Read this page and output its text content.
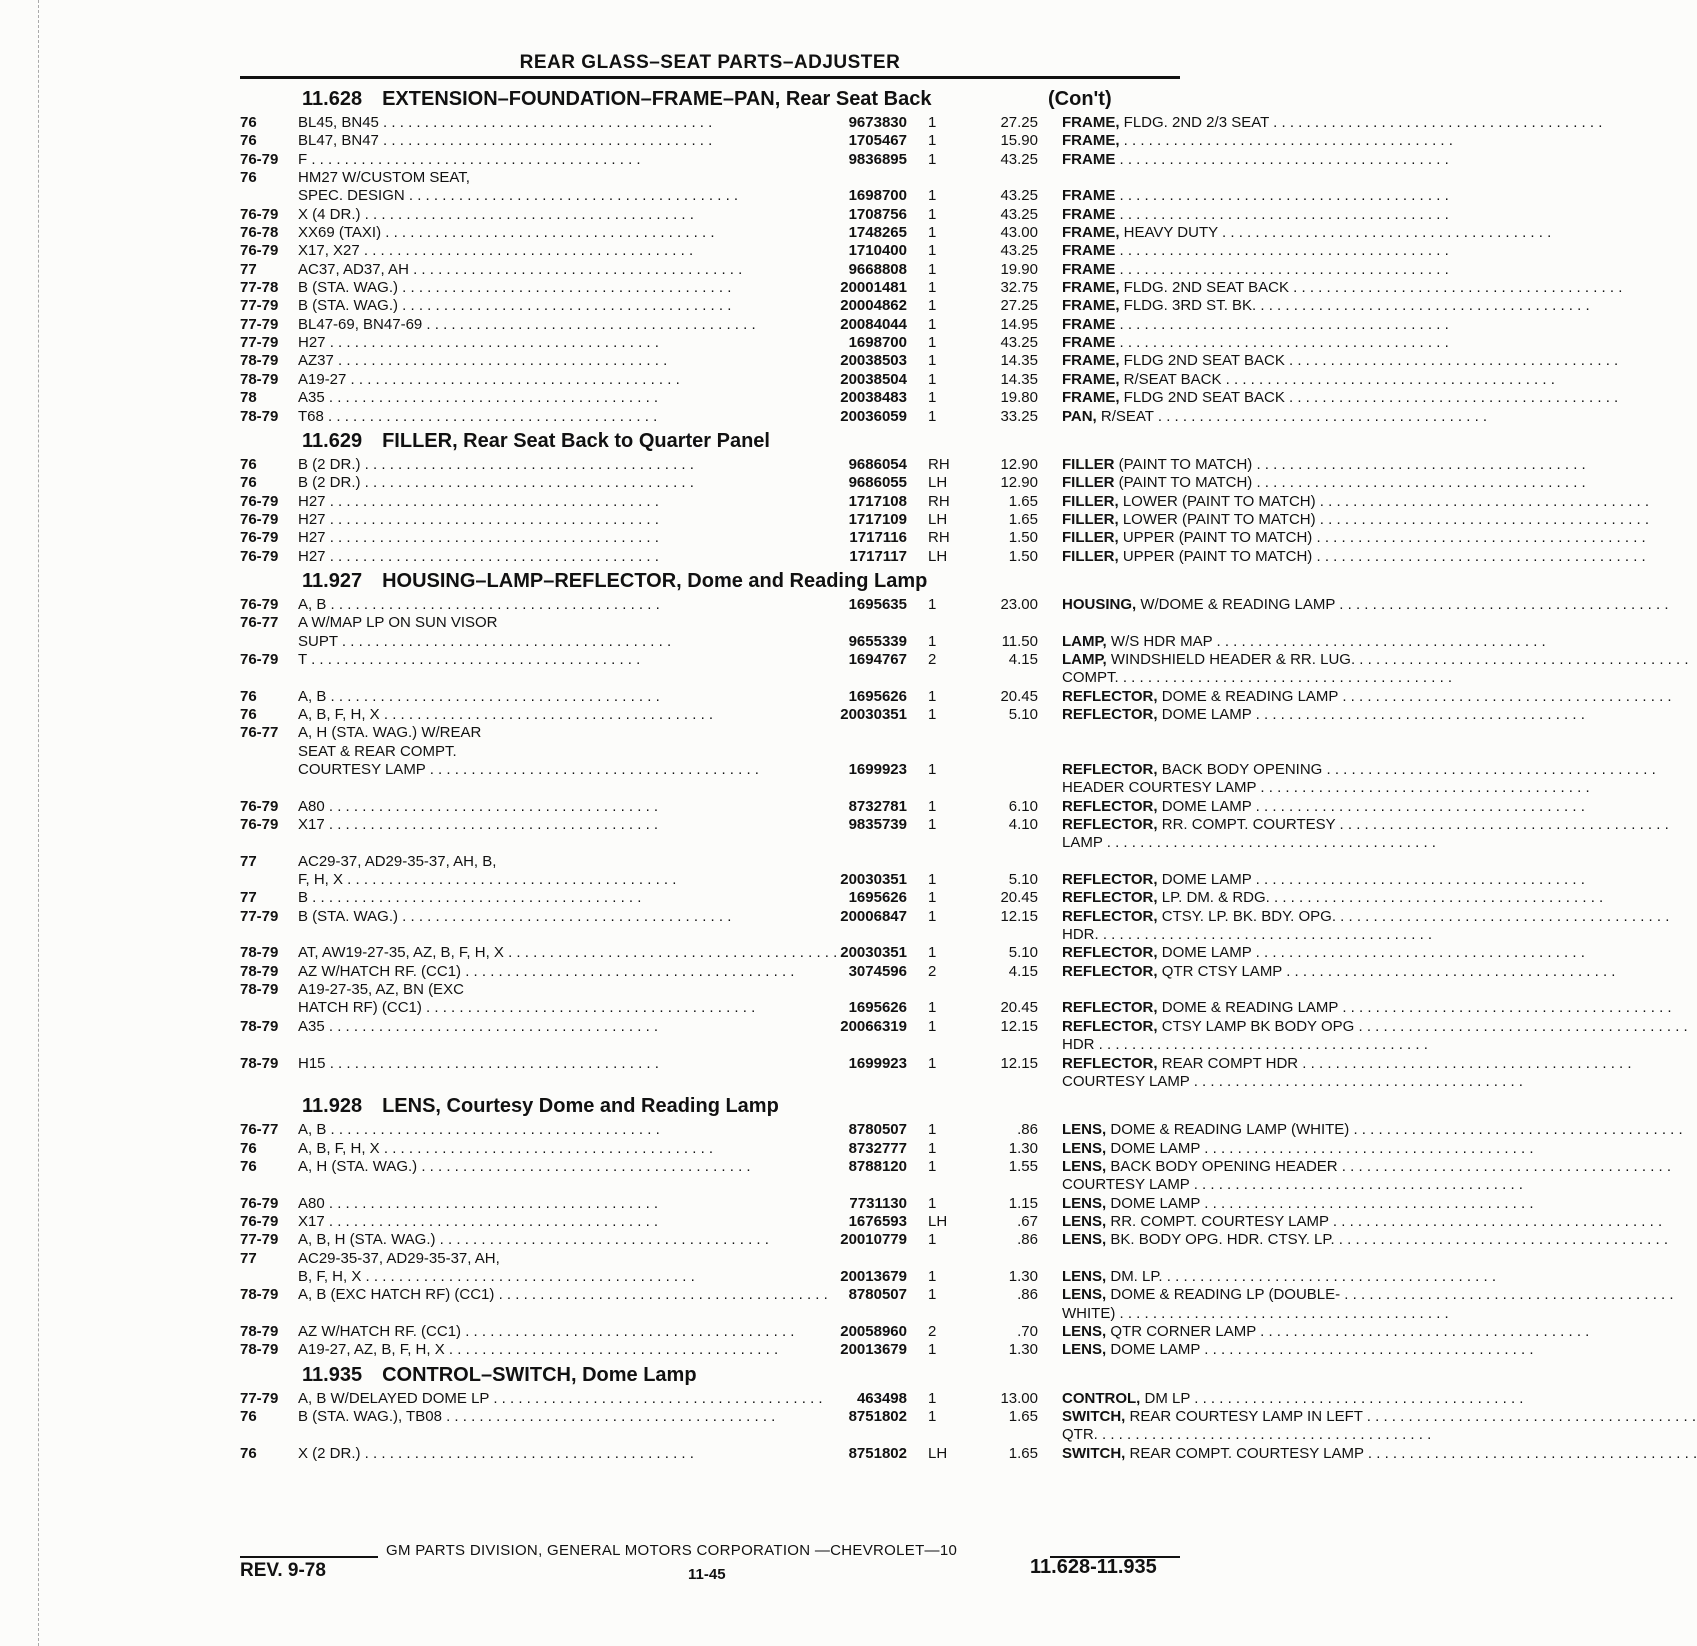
REAR GLASS–SEAT PARTS–ADJUSTER
11.628 EXTENSION–FOUNDATION–FRAME–PAN, Rear Seat Back	(Con't)
76	BL45, BN45 . . .	9673830 1	27.25 FRAME, FLDG. 2ND 2/3 SEAT . . .
76	BL47, BN47 . . .	1705467 1	15.90 FRAME, . . .
76-79 F . . .	9836895 1	43.25 FRAME . . .
76	HM27 W/CUSTOM SEAT,
SPEC. DESIGN . . .	1698700 1	43.25 FRAME . . .
76-79 X (4 DR.) . . .	1708756 1	43.25 FRAME . . .
76-78 XX69 (TAXI) . . .	1748265 1	43.00 FRAME, HEAVY DUTY . . .
76-79 X17, X27 . . .	1710400 1	43.25 FRAME . . .
77	AC37, AD37, AH . . .	9668808 1	19.90 FRAME . . .
77-78 B (STA. WAG.) . . .	20001481 1	32.75 FRAME, FLDG. 2ND SEAT BACK . . .
77-79 B (STA. WAG.) . . .	20004862 1	27.25 FRAME, FLDG. 3RD ST. BK. . . .
77-79 BL47-69, BN47-69 . . .	20084044 1	14.95 FRAME . . .
77-79 H27 . . .	1698700 1	43.25 FRAME . . .
78-79 AZ37 . . .	20038503 1	14.35 FRAME, FLDG 2ND SEAT BACK . . .
78-79 A19-27 . . .	20038504 1	14.35 FRAME, R/SEAT BACK . . .
78	A35 . . .	20038483 1	19.80 FRAME, FLDG 2ND SEAT BACK . . .
78-79 T68 . . .	20036059 1	33.25 PAN, R/SEAT . . .
11.629 FILLER, Rear Seat Back to Quarter Panel
76	B (2 DR.) . . .	9686054 RH	12.90 FILLER (PAINT TO MATCH) . . .
76	B (2 DR.) . . .	9686055 LH	12.90 FILLER (PAINT TO MATCH) . . .
76-79 H27 . . .	1717108 RH	1.65 FILLER, LOWER (PAINT TO MATCH) . . .
76-79 H27 . . .	1717109 LH	1.65 FILLER, LOWER (PAINT TO MATCH) . . .
76-79 H27 . . .	1717116 RH	1.50 FILLER, UPPER (PAINT TO MATCH) . . .
76-79 H27 . . .	1717117 LH	1.50 FILLER, UPPER (PAINT TO MATCH) . . .
11.927 HOUSING–LAMP–REFLECTOR, Dome and Reading Lamp
76-79 A, B . . .	1695635 1	23.00 HOUSING, W/DOME & READING LAMP . . .
76-77 A W/MAP LP ON SUN VISOR
SUPT . . .	9655339 1	11.50 LAMP, W/S HDR MAP . . .
76-79 T . . .	1694767 2	4.15 LAMP, WINDSHIELD HEADER & RR. LUG. . . .
COMPT. . . .
76	A, B . . .	1695626 1	20.45 REFLECTOR, DOME & READING LAMP . . .
76	A, B, F, H, X . . .	20030351 1	5.10 REFLECTOR, DOME LAMP . . .
76-77 A, H (STA. WAG.) W/REAR
SEAT & REAR COMPT.
COURTESY LAMP . . .	1699923 1	REFLECTOR, BACK BODY OPENING . . .
HEADER COURTESY LAMP . . .
76-79 A80 . . .	8732781 1	6.10 REFLECTOR, DOME LAMP . . .
76-79 X17 . . .	9835739 1	4.10 REFLECTOR, RR. COMPT. COURTESY . . .
LAMP . . .
77	AC29-37, AD29-35-37, AH, B,
F, H, X . . .	20030351 1	5.10 REFLECTOR, DOME LAMP . . .
77	B . . .	1695626 1	20.45 REFLECTOR, LP. DM. & RDG. . . .
77-79 B (STA. WAG.) . . .	20006847 1	12.15 REFLECTOR, CTSY. LP. BK. BDY. OPG. . . .
HDR. . . .
78-79 AT, AW19-27-35, AZ, B, F, H, X . . .	20030351 1	5.10 REFLECTOR, DOME LAMP . . .
78-79 AZ W/HATCH RF. (CC1) . . .	3074596 2	4.15 REFLECTOR, QTR CTSY LAMP . . .
78-79 A19-27-35, AZ, BN (EXC
HATCH RF) (CC1) . . .	1695626 1	20.45 REFLECTOR, DOME & READING LAMP . . .
78-79 A35 . . .	20066319 1	12.15 REFLECTOR, CTSY LAMP BK BODY OPG . . .
HDR . . .
78-79 H15 . . .	1699923 1	12.15 REFLECTOR, REAR COMPT HDR . . .
COURTESY LAMP . . .
11.928 LENS, Courtesy Dome and Reading Lamp
76-77 A, B . . .	8780507 1	.86 LENS, DOME & READING LAMP (WHITE) . . .
76	A, B, F, H, X . . .	8732777 1	1.30 LENS, DOME LAMP . . .
76	A, H (STA. WAG.) . . .	8788120 1	1.55 LENS, BACK BODY OPENING HEADER . . .
COURTESY LAMP . . .
76-79 A80 . . .	7731130 1	1.15 LENS, DOME LAMP . . .
76-79 X17 . . .	1676593 LH	.67 LENS, RR. COMPT. COURTESY LAMP . . .
77-79 A, B, H (STA. WAG.) . . .	20010779 1	.86 LENS, BK. BODY OPG. HDR. CTSY. LP. . . .
77	AC29-35-37, AD29-35-37, AH,
B, F, H, X . . .	20013679 1	1.30 LENS, DM. LP. . . .
78-79 A, B (EXC HATCH RF) (CC1) . . .	8780507 1	.86 LENS, DOME & READING LP (DOUBLE- . . .
WHITE) . . .
78-79 AZ W/HATCH RF. (CC1) . . .	20058960 2	.70 LENS, QTR CORNER LAMP . . .
78-79 A19-27, AZ, B, F, H, X . . .	20013679 1	1.30 LENS, DOME LAMP . . .
11.935 CONTROL–SWITCH, Dome Lamp
77-79 A, B W/DELAYED DOME LP . . .	463498 1	13.00 CONTROL, DM LP . . .
76	B (STA. WAG.), TB08 . . .	8751802 1	1.65 SWITCH, REAR COURTESY LAMP IN LEFT . . .
QTR. . . .
76	X (2 DR.) . . .	8751802 LH	1.65 SWITCH, REAR COMPT. COURTESY LAMP . . .
GM PARTS DIVISION, GENERAL MOTORS CORPORATION —CHEVROLET—10
REV. 9-78	11-45	11.628-11.935
